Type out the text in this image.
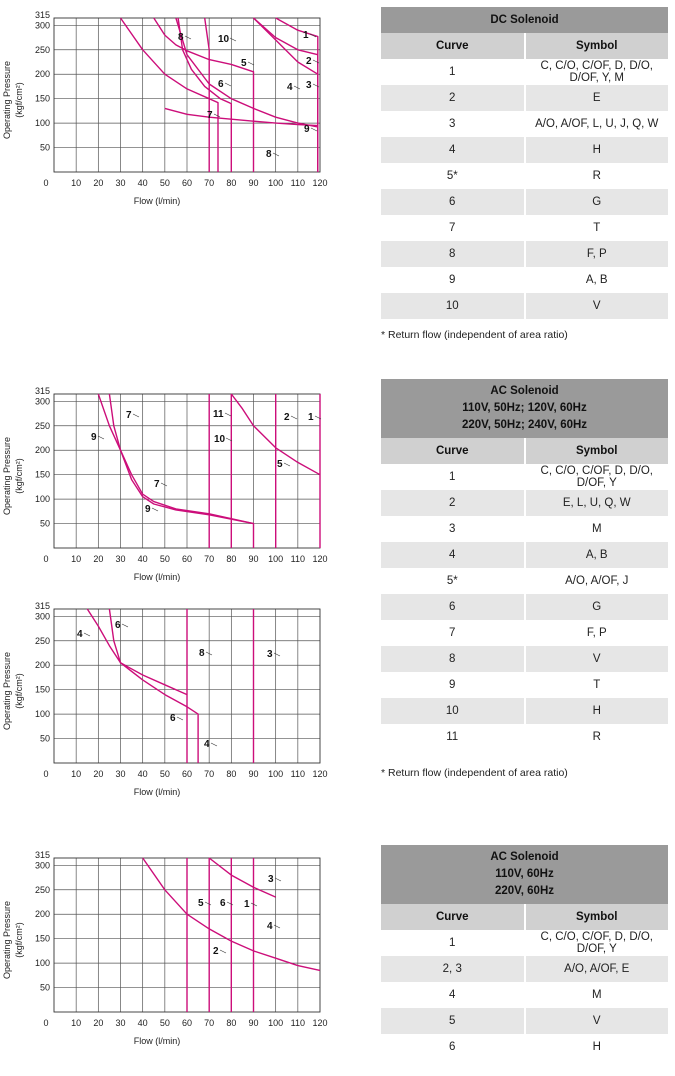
0	10 20 30 40 50 60 70 80 90 100 110 120
50
100
150
200
250
300
315
Flow (l/min)
Operating Pressure (kgf/cm²)
1
2
3
4
5
6
7
8
9
10
8
0	10 20 30 40 50 60 70 80 90 100 110 120
50
100
150
200
250
300
315
Flow (l/min)
Operating Pressure (kgf/cm²)
1
2
5
7
9	10
11
7
9
0	10 20 30 40 50 60 70 80 90 100 110 120
50
100
150
200
250
300
315
Flow (l/min)
Operating Pressure (kgf/cm²)
3
4
6
8
6
4
0	10 20 30 40 50 60 70 80 90 100 110 120
50
100
150
200
250
300
315
Flow (l/min)
Operating Pressure (kgf/cm²)
1
2
3
4
5 6
DC Solenoid	
Curve	Symbol
1	C, C/O, C/OF, D, D/O, D/OF, Y, M
2	E
3	A/O, A/OF, L, U, J, Q, W
4	H
5*	R
6	G
7	T
8	F, P
9	A, B
10	V
* Return flow (independent of area ratio)
AC Solenoid
110V, 50Hz; 120V, 60Hz
220V, 50Hz; 240V, 60Hz	

Curve	Symbol
1	C, C/O, C/OF, D, D/O, D/OF, Y
2	E, L, U, Q, W
3	M
4	A, B
5*	A/O, A/OF, J
6	G
7	F, P
8	V
9	T
10	H
11	R
* Return flow (independent of area ratio)
AC Solenoid
110V, 60Hz
220V, 60Hz	

Curve	Symbol
1	C, C/O, C/OF, D, D/O, D/OF, Y
2, 3	A/O, A/OF, E
4	M
5	V
6	H
